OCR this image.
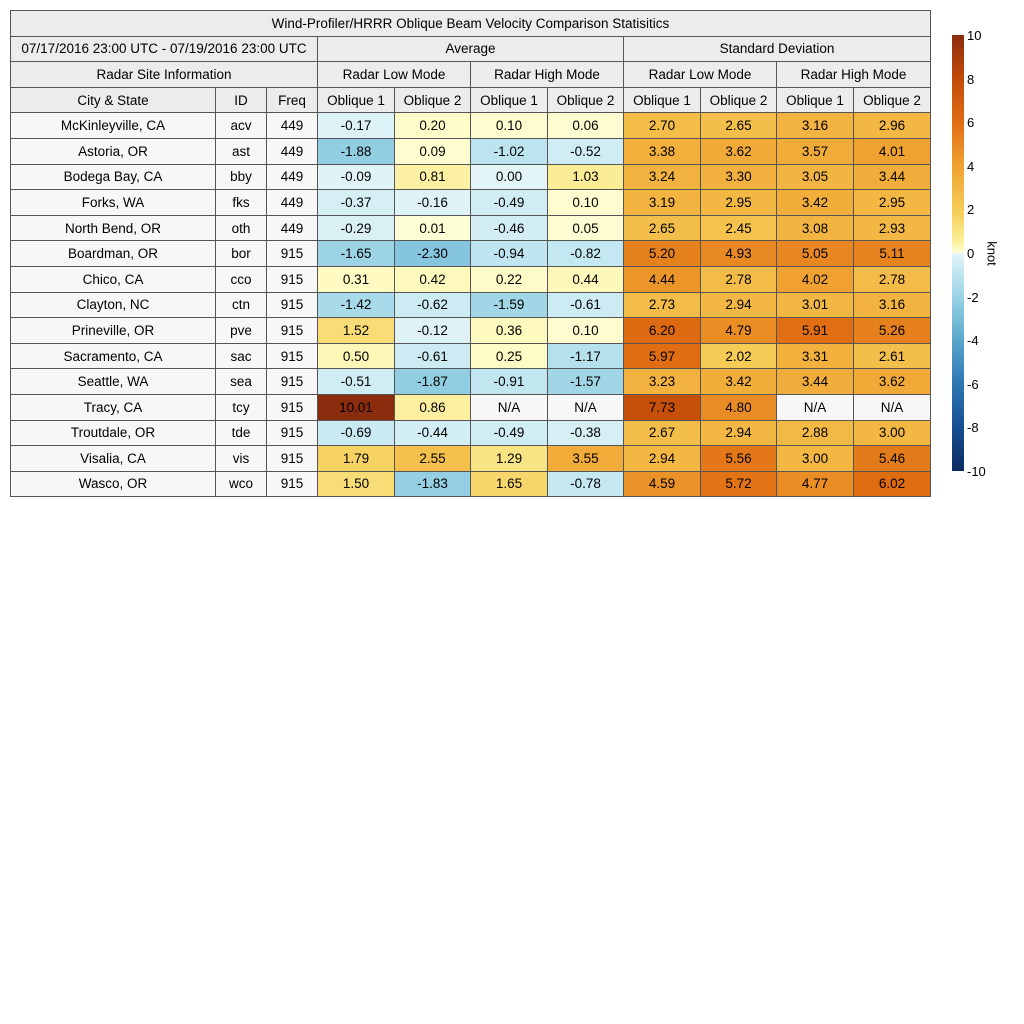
Wind-Profiler/HRRR Oblique Beam Velocity Comparison Statisitics										
07/17/2016 23:00 UTC - 07/19/2016 23:00 UTC			Average				Standard Deviation			
Radar Site Information			Radar Low Mode		Radar High Mode		Radar Low Mode		Radar High Mode	
City & State	ID	Freq	Oblique 1	Oblique 2	Oblique 1	Oblique 2	Oblique 1	Oblique 2	Oblique 1	Oblique 2
McKinleyville, CA	acv	449	-0.17	0.20	0.10	0.06	2.70	2.65	3.16	2.96
Astoria, OR	ast	449	-1.88	0.09	-1.02	-0.52	3.38	3.62	3.57	4.01
Bodega Bay, CA	bby	449	-0.09	0.81	0.00	1.03	3.24	3.30	3.05	3.44
Forks, WA	fks	449	-0.37	-0.16	-0.49	0.10	3.19	2.95	3.42	2.95
North Bend, OR	oth	449	-0.29	0.01	-0.46	0.05	2.65	2.45	3.08	2.93
Boardman, OR	bor	915	-1.65	-2.30	-0.94	-0.82	5.20	4.93	5.05	5.11
Chico, CA	cco	915	0.31	0.42	0.22	0.44	4.44	2.78	4.02	2.78
Clayton, NC	ctn	915	-1.42	-0.62	-1.59	-0.61	2.73	2.94	3.01	3.16
Prineville, OR	pve	915	1.52	-0.12	0.36	0.10	6.20	4.79	5.91	5.26
Sacramento, CA	sac	915	0.50	-0.61	0.25	-1.17	5.97	2.02	3.31	2.61
Seattle, WA	sea	915	-0.51	-1.87	-0.91	-1.57	3.23	3.42	3.44	3.62
Tracy, CA	tcy	915	10.01	0.86	N/A	N/A	7.73	4.80	N/A	N/A
Troutdale, OR	tde	915	-0.69	-0.44	-0.49	-0.38	2.67	2.94	2.88	3.00
Visalia, CA	vis	915	1.79	2.55	1.29	3.55	2.94	5.56	3.00	5.46
Wasco, OR	wco	915	1.50	-1.83	1.65	-0.78	4.59	5.72	4.77	6.02
10
8
6
4
2
0
-2
-4
-6
-8
-10
knot
